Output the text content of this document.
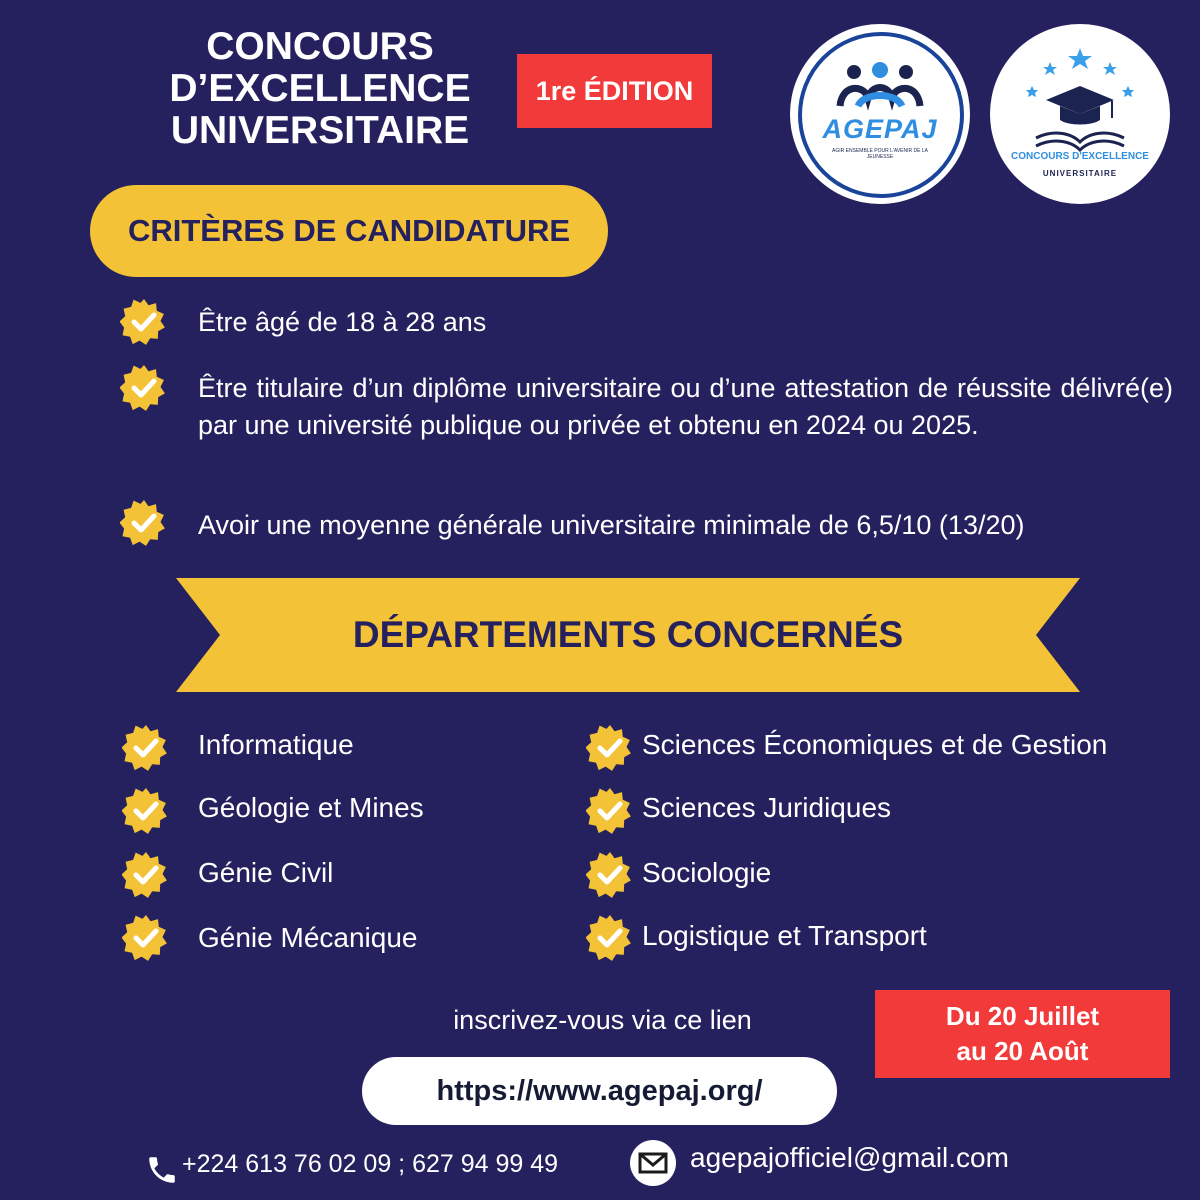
CONCOURS
D’EXCELLENCE
UNIVERSITAIRE
1re ÉDITION
AGEPAJ
AGIR ENSEMBLE POUR L'AVENIR DE LA JEUNESSE	CONCOURS D'EXCELLENCE
UNIVERSITAIRE
CRITÈRES DE CANDIDATURE
Être âgé de 18 à 28 ans
Être titulaire d’un diplôme universitaire ou d’une attestation de réussite délivré(e) par une université publique ou privée et obtenu en 2024 ou 2025.
Avoir une moyenne générale universitaire minimale de 6,5/10 (13/20)
DÉPARTEMENTS CONCERNÉS
Informatique
Géologie et Mines
Génie Civil
Génie Mécanique
Sciences Économiques et de Gestion
Sciences Juridiques
Sociologie
Logistique et Transport
inscrivez-vous via ce lien
https://www.agepaj.org/
Du 20 Juillet
au 20 Août
+224 613 76 02 09 ; 627 94 99 49	agepajofficiel@gmail.com
